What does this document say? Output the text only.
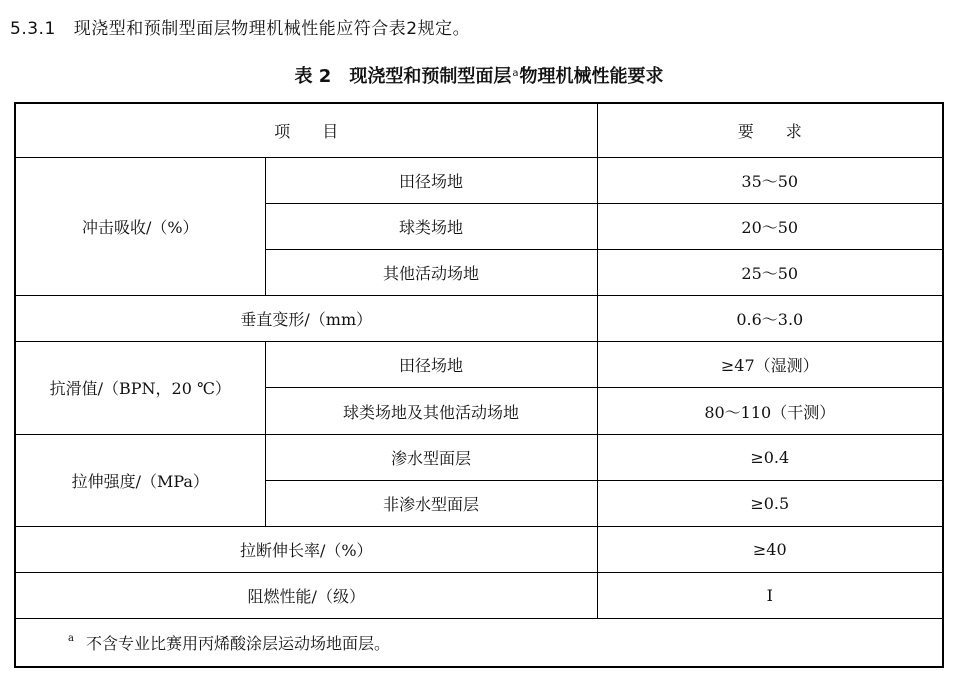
5.3.1 现浇型和预制型面层物理机械性能应符合表2规定。
表 2 现浇型和预制型面层$^a$物理机械性能要求
项　　目		要　　求
冲击吸收/（%）	田径场地	35～50
	球类场地	20～50
	其他活动场地	25～50
垂直变形/（mm）		0.6～3.0
抗滑值/（BPN，20 ℃）	田径场地	≥47（湿测）
	球类场地及其他活动场地	80～110（干测）
拉伸强度/（MPa）	渗水型面层	≥0.4
	非渗水型面层	≥0.5
拉断伸长率/（%）		≥40
阻燃性能/（级）		I
$^a$ 不含专业比赛用丙烯酸涂层运动场地面层。		
